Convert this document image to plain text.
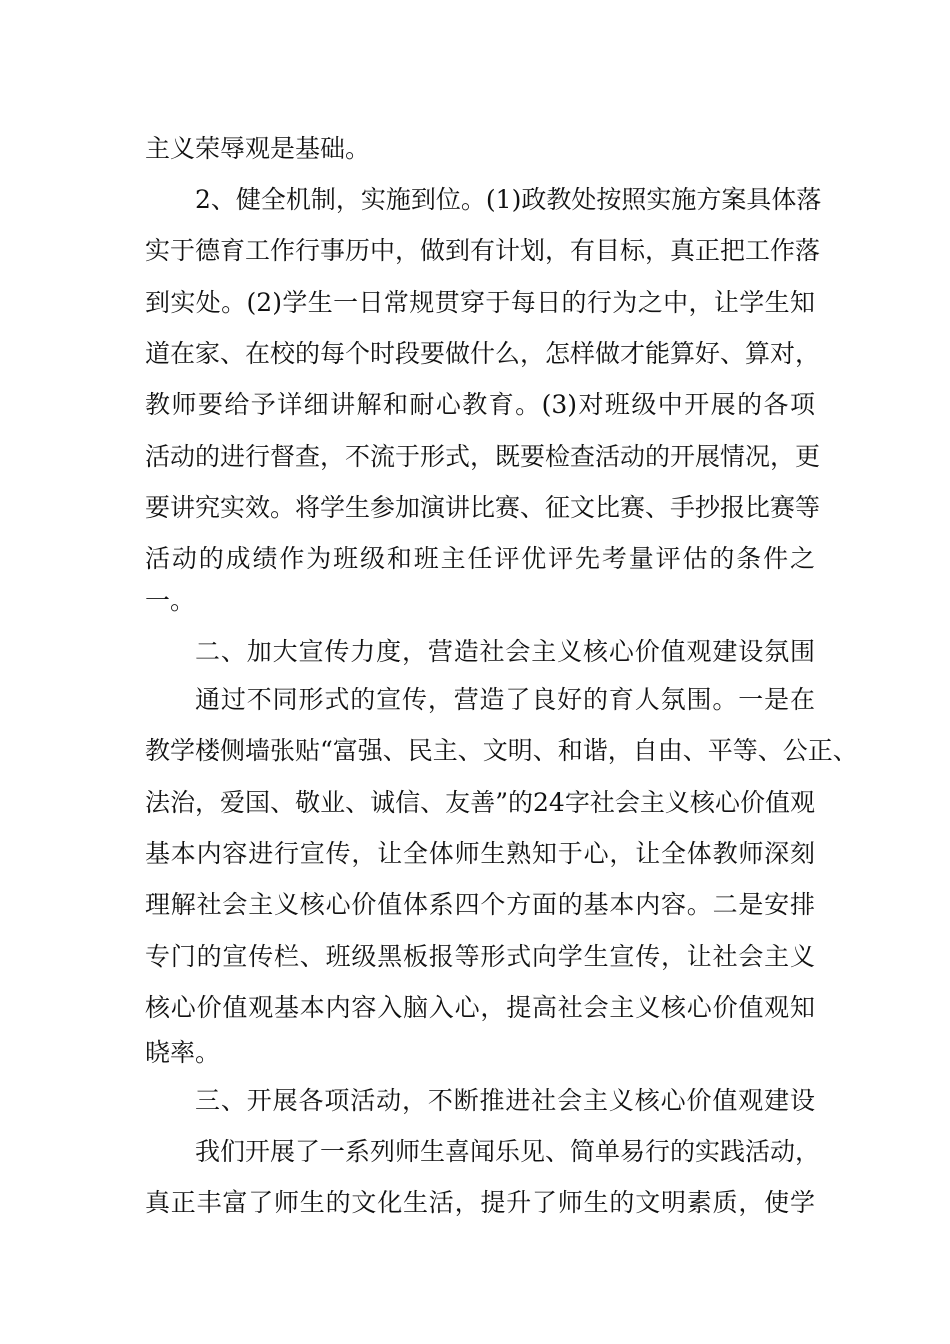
主义荣辱观是基础。
2、健全机制，实施到位。(1)政教处按照实施方案具体落
实于德育工作行事历中，做到有计划，有目标，真正把工作落
到实处。(2)学生一日常规贯穿于每日的行为之中，让学生知
道在家、在校的每个时段要做什么，怎样做才能算好、算对，
教师要给予详细讲解和耐心教育。(3)对班级中开展的各项
活动的进行督查，不流于形式，既要检查活动的开展情况，更
要讲究实效。将学生参加演讲比赛、征文比赛、手抄报比赛等
活动的成绩作为班级和班主任评优评先考量评估的条件之
一。
二、加大宣传力度，营造社会主义核心价值观建设氛围
通过不同形式的宣传，营造了良好的育人氛围。一是在
教学楼侧墙张贴“富强、民主、文明、和谐，自由、平等、公正、
法治，爱国、敬业、诚信、友善”的24字社会主义核心价值观
基本内容进行宣传，让全体师生熟知于心，让全体教师深刻
理解社会主义核心价值体系四个方面的基本内容。二是安排
专门的宣传栏、班级黑板报等形式向学生宣传，让社会主义
核心价值观基本内容入脑入心，提高社会主义核心价值观知
晓率。
三、开展各项活动，不断推进社会主义核心价值观建设
我们开展了一系列师生喜闻乐见、简单易行的实践活动，
真正丰富了师生的文化生活，提升了师生的文明素质，使学
